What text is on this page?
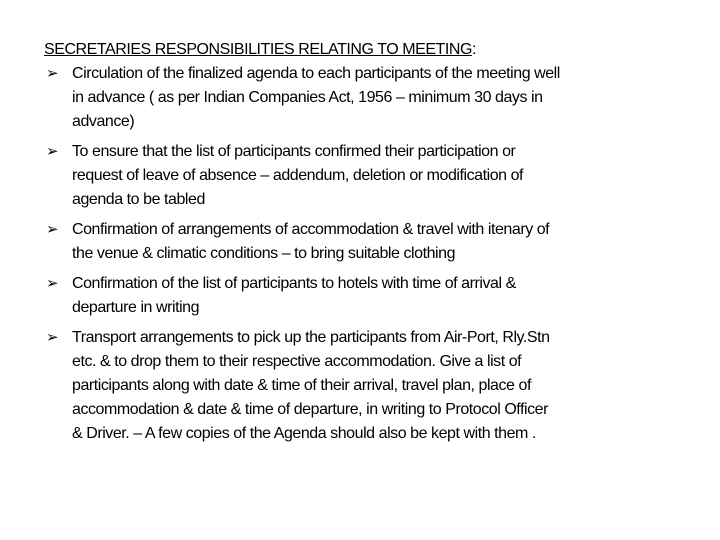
SECRETARIES RESPONSIBILITIES RELATING TO MEETING:
➢ Circulation of the finalized agenda to each participants of the meeting well
in advance ( as per Indian Companies Act, 1956 – minimum 30 days in
advance)
➢ To ensure that the list of participants confirmed their participation or
request of leave of absence – addendum, deletion or modification of
agenda to be tabled
➢ Confirmation of arrangements of accommodation & travel with itenary of
the venue & climatic conditions – to bring suitable clothing
➢ Confirmation of the list of participants to hotels with time of arrival &
departure in writing
➢ Transport arrangements to pick up the participants from Air-Port, Rly.Stn
etc. & to drop them to their respective accommodation. Give a list of
participants along with date & time of their arrival, travel plan, place of
accommodation & date & time of departure, in writing to Protocol Officer
& Driver. – A few copies of the Agenda should also be kept with them .
